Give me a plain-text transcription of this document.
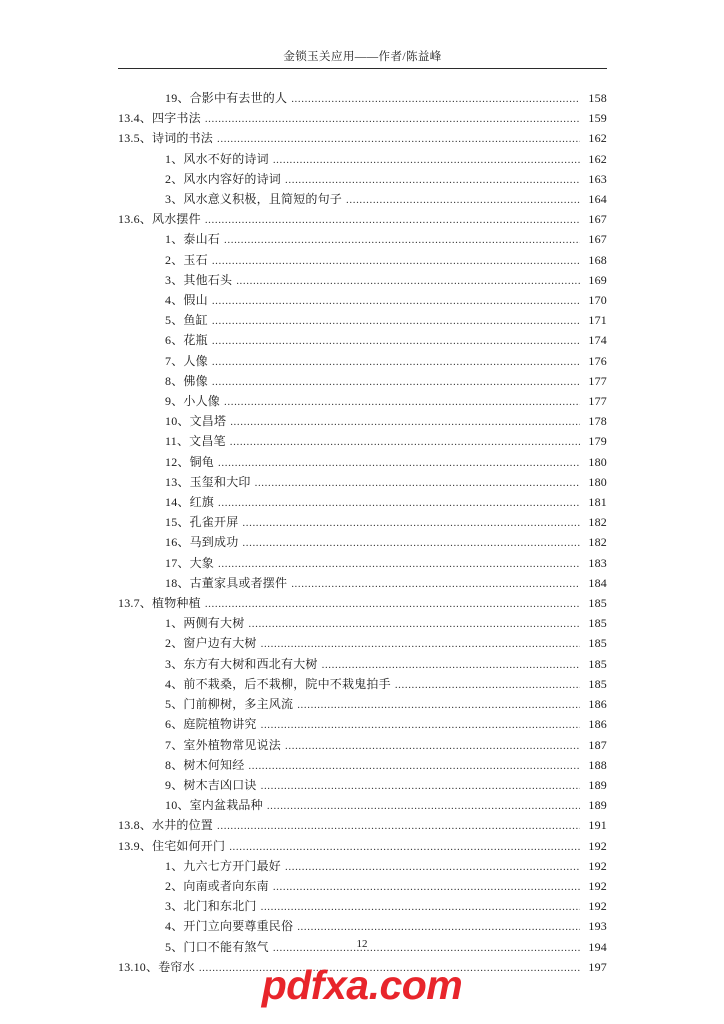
金锁玉关应用——作者/陈益峰
19、合影中有去世的人 .....	158
13.4、四字书法 .....	159
13.5、诗词的书法 .....	162
1、风水不好的诗词 .....	162
2、风水内容好的诗词 .....	163
3、风水意义积极，且简短的句子 .....	164
13.6、风水摆件 .....	167
1、泰山石 .....	167
2、玉石 .....	168
3、其他石头 .....	169
4、假山 .....	170
5、鱼缸 .....	171
6、花瓶 .....	174
7、人像 .....	176
8、佛像 .....	177
9、小人像 .....	177
10、文昌塔 .....	178
11、文昌笔 .....	179
12、铜龟 .....	180
13、玉玺和大印 .....	180
14、红旗 .....	181
15、孔雀开屏 .....	182
16、马到成功 .....	182
17、大象 .....	183
18、古董家具或者摆件 .....	184
13.7、植物种植 .....	185
1、两侧有大树 .....	185
2、窗户边有大树 .....	185
3、东方有大树和西北有大树 .....	185
4、前不栽桑，后不栽柳，院中不栽鬼拍手 .....	185
5、门前柳树，多主风流 .....	186
6、庭院植物讲究 .....	186
7、室外植物常见说法 .....	187
8、树木何知经 .....	188
9、树木吉凶口诀 .....	189
10、室内盆栽品种 .....	189
13.8、水井的位置 .....	191
13.9、住宅如何开门 .....	192
1、九六七方开门最好 .....	192
2、向南或者向东南 .....	192
3、北门和东北门 .....	192
4、开门立向要尊重民俗 .....	193
5、门口不能有煞气 .....	194
13.10、卷帘水 .....	197
12
pdfxa.com
